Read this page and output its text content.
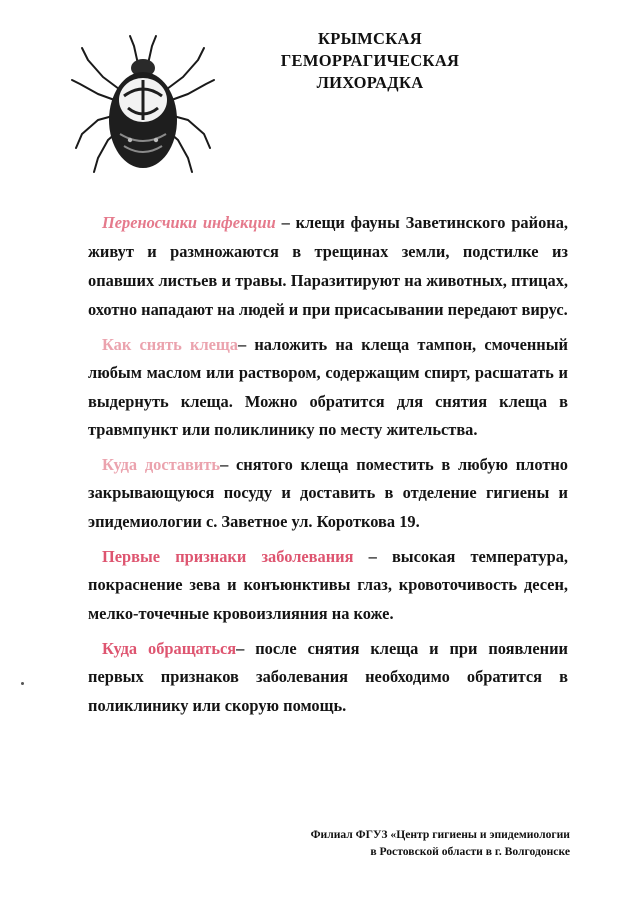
КРЫМСКАЯ
ГЕМОРРАГИЧЕСКАЯ
ЛИХОРАДКА

Переносчики инфекции – клещи фауны Заветинского района, живут и размножаются в трещинах земли, подстилке из опавших листьев и травы. Паразитируют на животных, птицах, охотно нападают на людей и при присасывании передают вирус.

Как снять клеща– наложить на клеща тампон, смоченный любым маслом или раствором, содержащим спирт, расшатать и выдернуть клеща. Можно обратится для снятия клеща в травмпункт или поликлинику по месту жительства.

Куда доставить– снятого клеща поместить в любую плотно закрывающуюся посуду и доставить в отделение гигиены и эпидемиологии с. Заветное ул. Короткова 19.

Первые признаки заболевания – высокая температура, покраснение зева и конъюнктивы глаз, кровоточивость десен, мелко-точечные кровоизлияния на коже.

Куда обращаться– после снятия клеща и при появлении первых признаков заболевания необходимо обратится в поликлинику или скорую помощь.

Филиал ФГУЗ «Центр гигиены и эпидемиологии
в Ростовской области в г. Волгодонске
